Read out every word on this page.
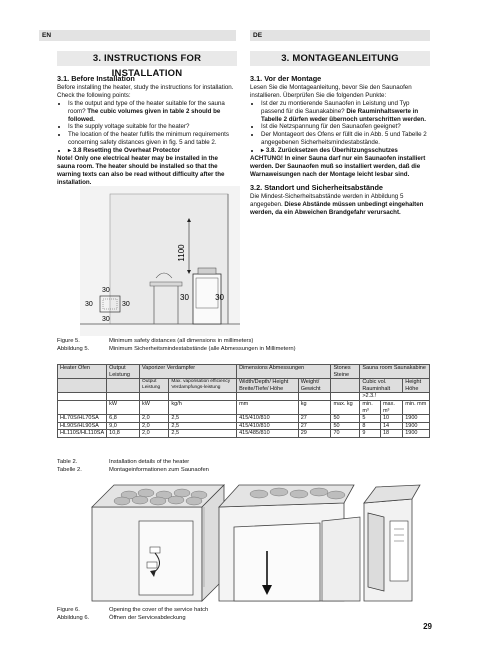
EN	DE
3. INSTRUCTIONS FOR INSTALLATION
3. MONTAGEANLEITUNG
3.1. Before Installation

Before installing the heater, study the instructions for installation. Check the following points:

• Is the output and type of the heater suitable for the sauna room? The cubic volumes given in table 2 should be followed.
• Is the supply voltage suitable for the heater?
• The location of the heater fulfils the minimum requirements concerning safety distances given in fig. 5 and table 2.
• ▸ 3.8 Resetting the Overheat Protector

Note! Only one electrical heater may be installed in the sauna room. The heater should be installed so that the warning texts can also be read without difficulty after the installation.

3.1. Vor der Montage

Lesen Sie die Montageanleitung, bevor Sie den Saunaofen installieren. Überprüfen Sie die folgenden Punkte:

• Ist der zu montierende Saunaofen in Leistung und Typ passend für die Saunakabine? Die Rauminhaltswerte in Tabelle 2 dürfen weder übernoch unterschritten werden.
• Ist die Netzspannung für den Saunaofen geeignet?
• Der Montageort des Ofens er füllt die in Abb. 5 und Tabelle 2 angegebenen Sicherheitsmindestabstände.
• ▸ 3.8. Zurücksetzen des Überhitzungsschutzes

ACHTUNG! In einer Sauna darf nur ein Saunaofen installiert werden. Der Saunaofen muß so installiert werden, daß die Warnaweisungen nach der Montage leicht lesbar sind.

3.2. Standort und Sicherheitsabstände

Die Mindest-Sicherheitsabstände werden in Abbildung 5 angegeben. Diese Abstände müssen unbedingt eingehalten werden, da ein Abweichen Brandgefahr verursacht.

1100
30	30
30
30	30
30
Figure 5.	Minimum safety distances (all dimensions in millimeters)
Abbildung 5.	Minimum Sicherheitsmindestabstände (alle Abmessungen in Millimetern)
Heater Ofen	Output Leistung	Vaporizer Verdampfer		Dimensions Abmessungen		Stones Steine	Sauna room Saunakabine		
		Output Leistung	Max. vaporisation efficiency Verdampfungs-leistung	Width/Depth/ Height Breite/Tiefe/ Höhe	Weight/ Gewicht		Cubic vol. Rauminhalt		Height Höhe
							>2.3.!		
	kW	kW	kg/h	mm	kg	max. kg	min. m³	max. m³	min. mm
HL70S/HL70SA	6,8	2,0	2,5	415/410/810	27	50	5	10	1900
HL90S/HL90SA	9,0	2,0	2,5	415/410/810	27	50	8	14	1900
HL110S/HL110SA	10,8	2,0	2,5	415/485/810	29	70	9	18	1900
Table 2.	Installation details of the heater
Tabelle 2.	Montageinformationen zum Saunaofen
Figure 6.	Opening the cover of the service hatch
Abbildung 6.	Öffnen der Serviceabdeckung
29
